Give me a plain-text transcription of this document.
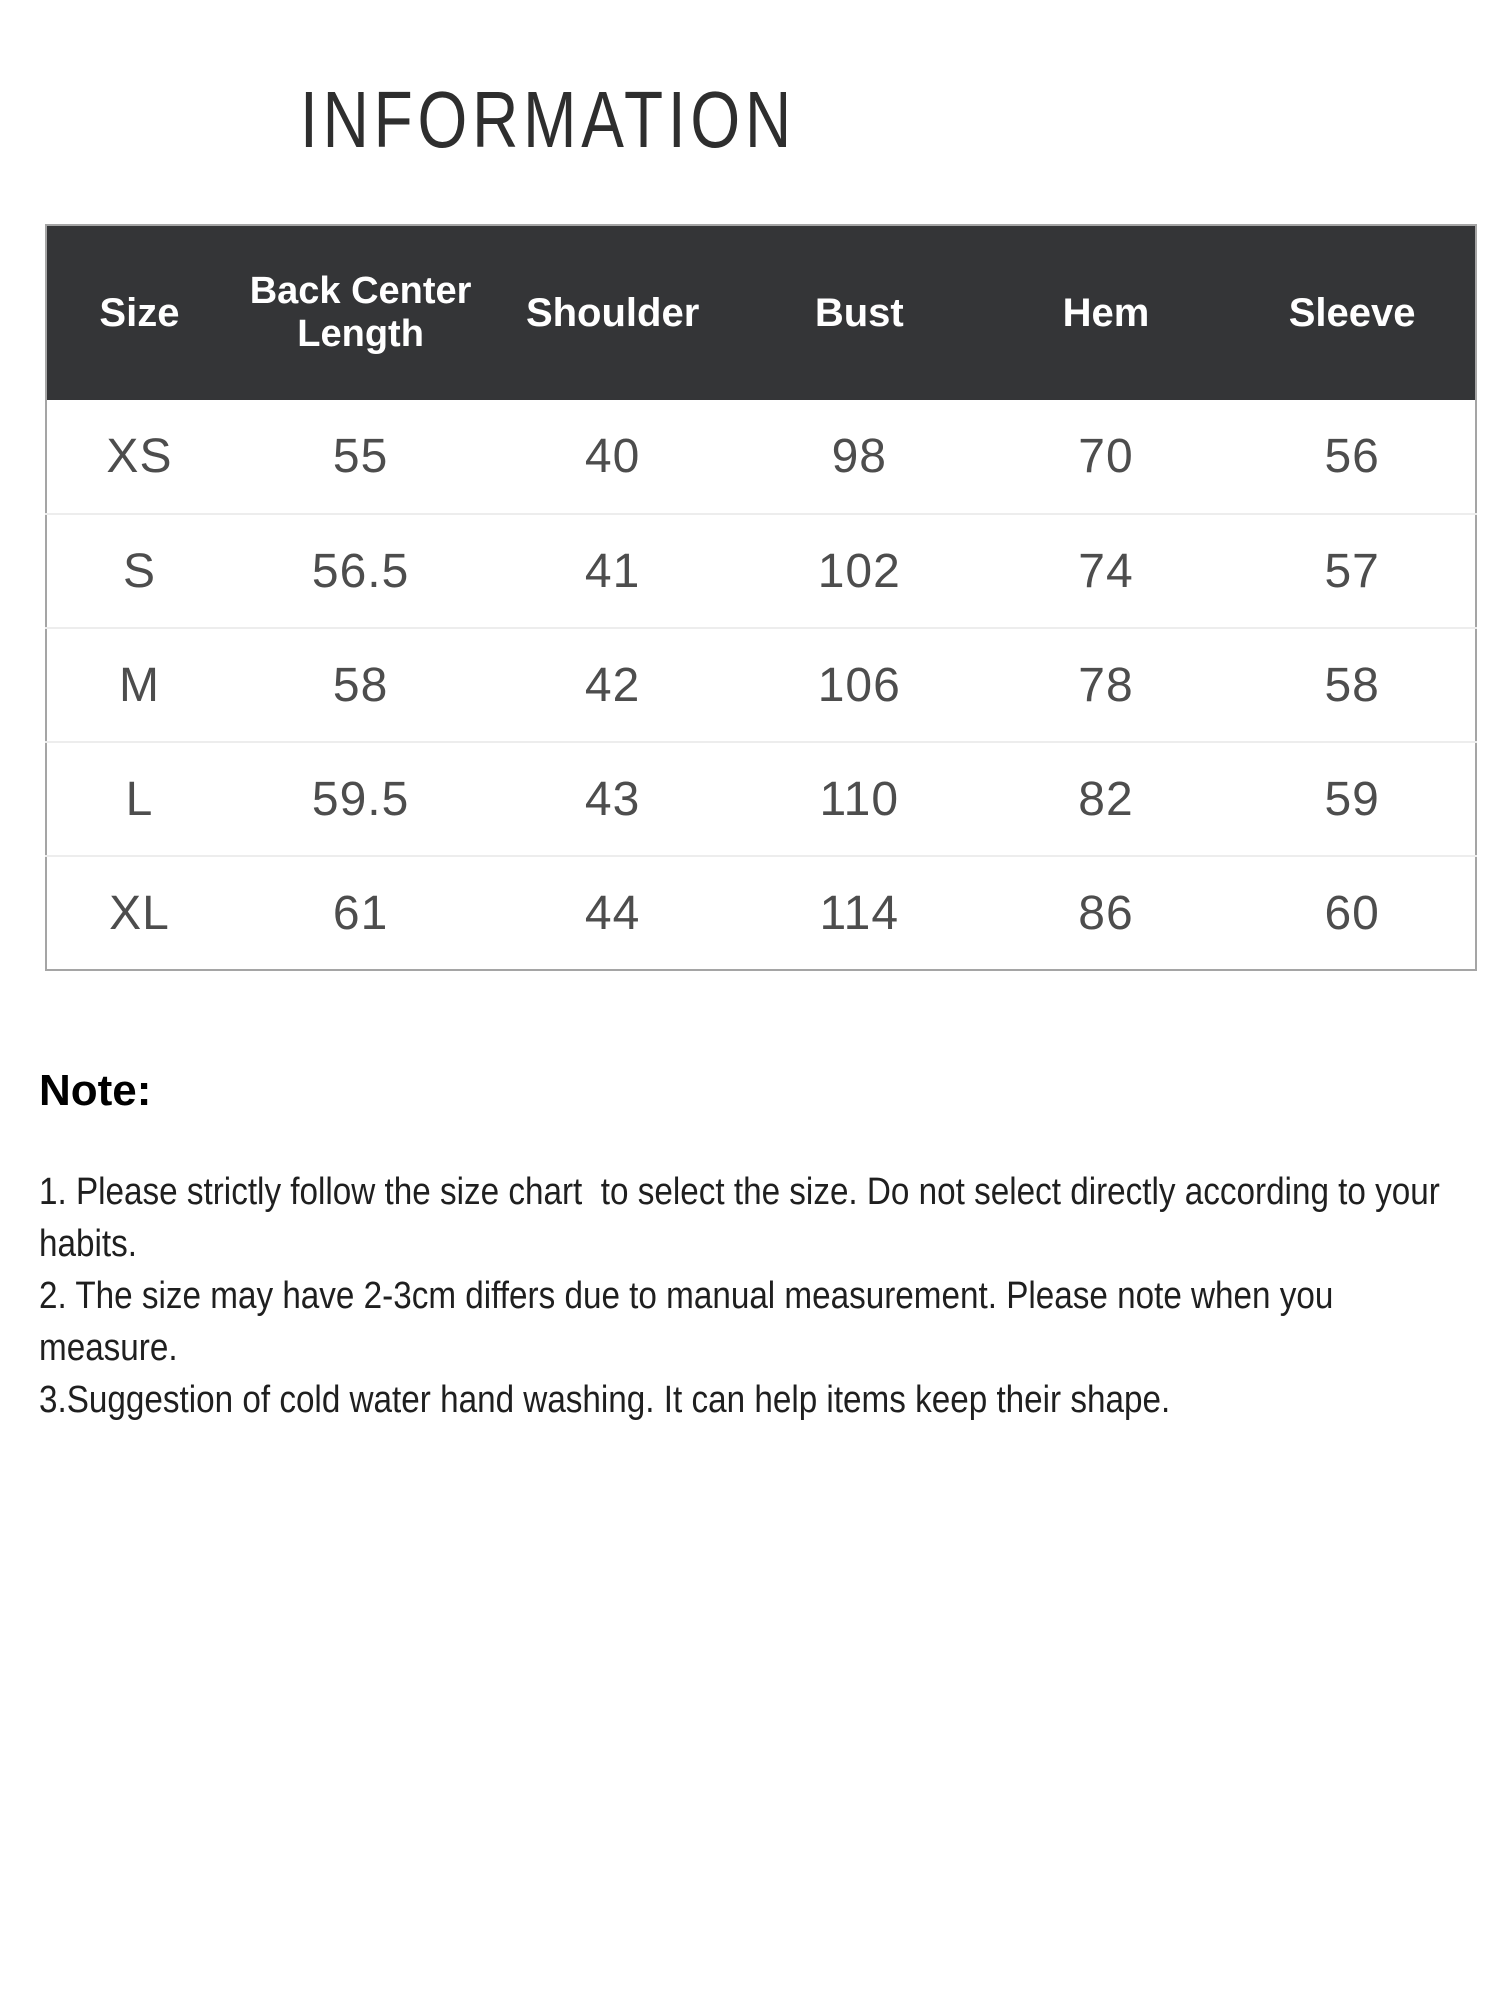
INFORMATION
Size	Back Center Length	Shoulder	Bust	Hem	Sleeve
XS	55	40	98	70	56
S	56.5	41	102	74	57
M	58	42	106	78	58
L	59.5	43	110	82	59
XL	61	44	114	86	60
Note:

1. Please strictly follow the size chart  to select the size. Do not select directly according to your habits.

2. The size may have 2-3cm differs due to manual measurement. Please note when you measure.

3.Suggestion of cold water hand washing. It can help items keep their shape.
